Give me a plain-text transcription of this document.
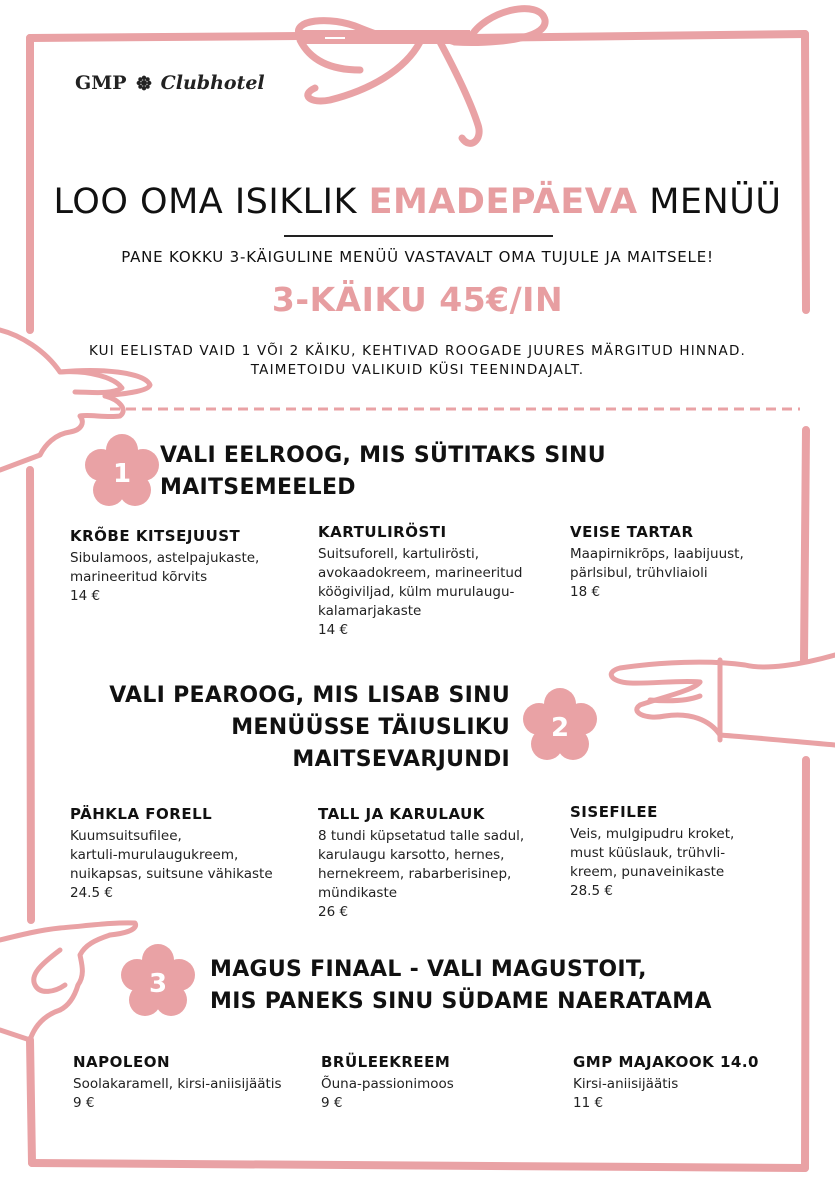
GMP Clubhotel
LOO OMA ISIKLIK EMADEPÄEVA MENÜÜ
PANE KOKKU 3-KÄIGULINE MENÜÜ VASTAVALT OMA TUJULE JA MAITSELE!
3-KÄIKU 45€/IN
KUI EELISTAD VAID 1 VÕI 2 KÄIKU, KEHTIVAD ROOGADE JUURES MÄRGITUD HINNAD.
TAIMETOIDU VALIKUID KÜSI TEENINDAJALT.
1
2
3
VALI EELROOG, MIS SÜTITAKS SINU
MAITSEMEELED
KRÕBE KITSEJUUST
Sibulamoos, astelpajukaste,
marineeritud kõrvits
14 €
KARTULIRÖSTI
Suitsuforell, kartulirösti,
avokaadokreem, marineeritud
köögiviljad, külm murulaugu-
kalamarjakaste
14 €
VEISE TARTAR
Maapirnikrõps, laabijuust,
pärlsibul, trühvliaioli
18 €
VALI PEAROOG, MIS LISAB SINU
MENÜÜSSE TÄIUSLIKU
MAITSEVARJUNDI
PÄHKLA FORELL
Kuumsuitsufilee,
kartuli-murulaugukreem,
nuikapsas, suitsune vähikaste
24.5 €
TALL JA KARULAUK
8 tundi küpsetatud talle sadul,
karulaugu karsotto, hernes,
hernekreem, rabarberisinep,
mündikaste
26 €
SISEFILEE
Veis, mulgipudru kroket,
must küüslauk, trühvli-
kreem, punaveinikaste
28.5 €
MAGUS FINAAL - VALI MAGUSTOIT,
MIS PANEKS SINU SÜDAME NAERATAMA
NAPOLEON
Soolakaramell, kirsi-aniisijäätis
9 €
BRÜLEEKREEM
Õuna-passionimoos
9 €
GMP MAJAKOOK 14.0
Kirsi-aniisijäätis
11 €
